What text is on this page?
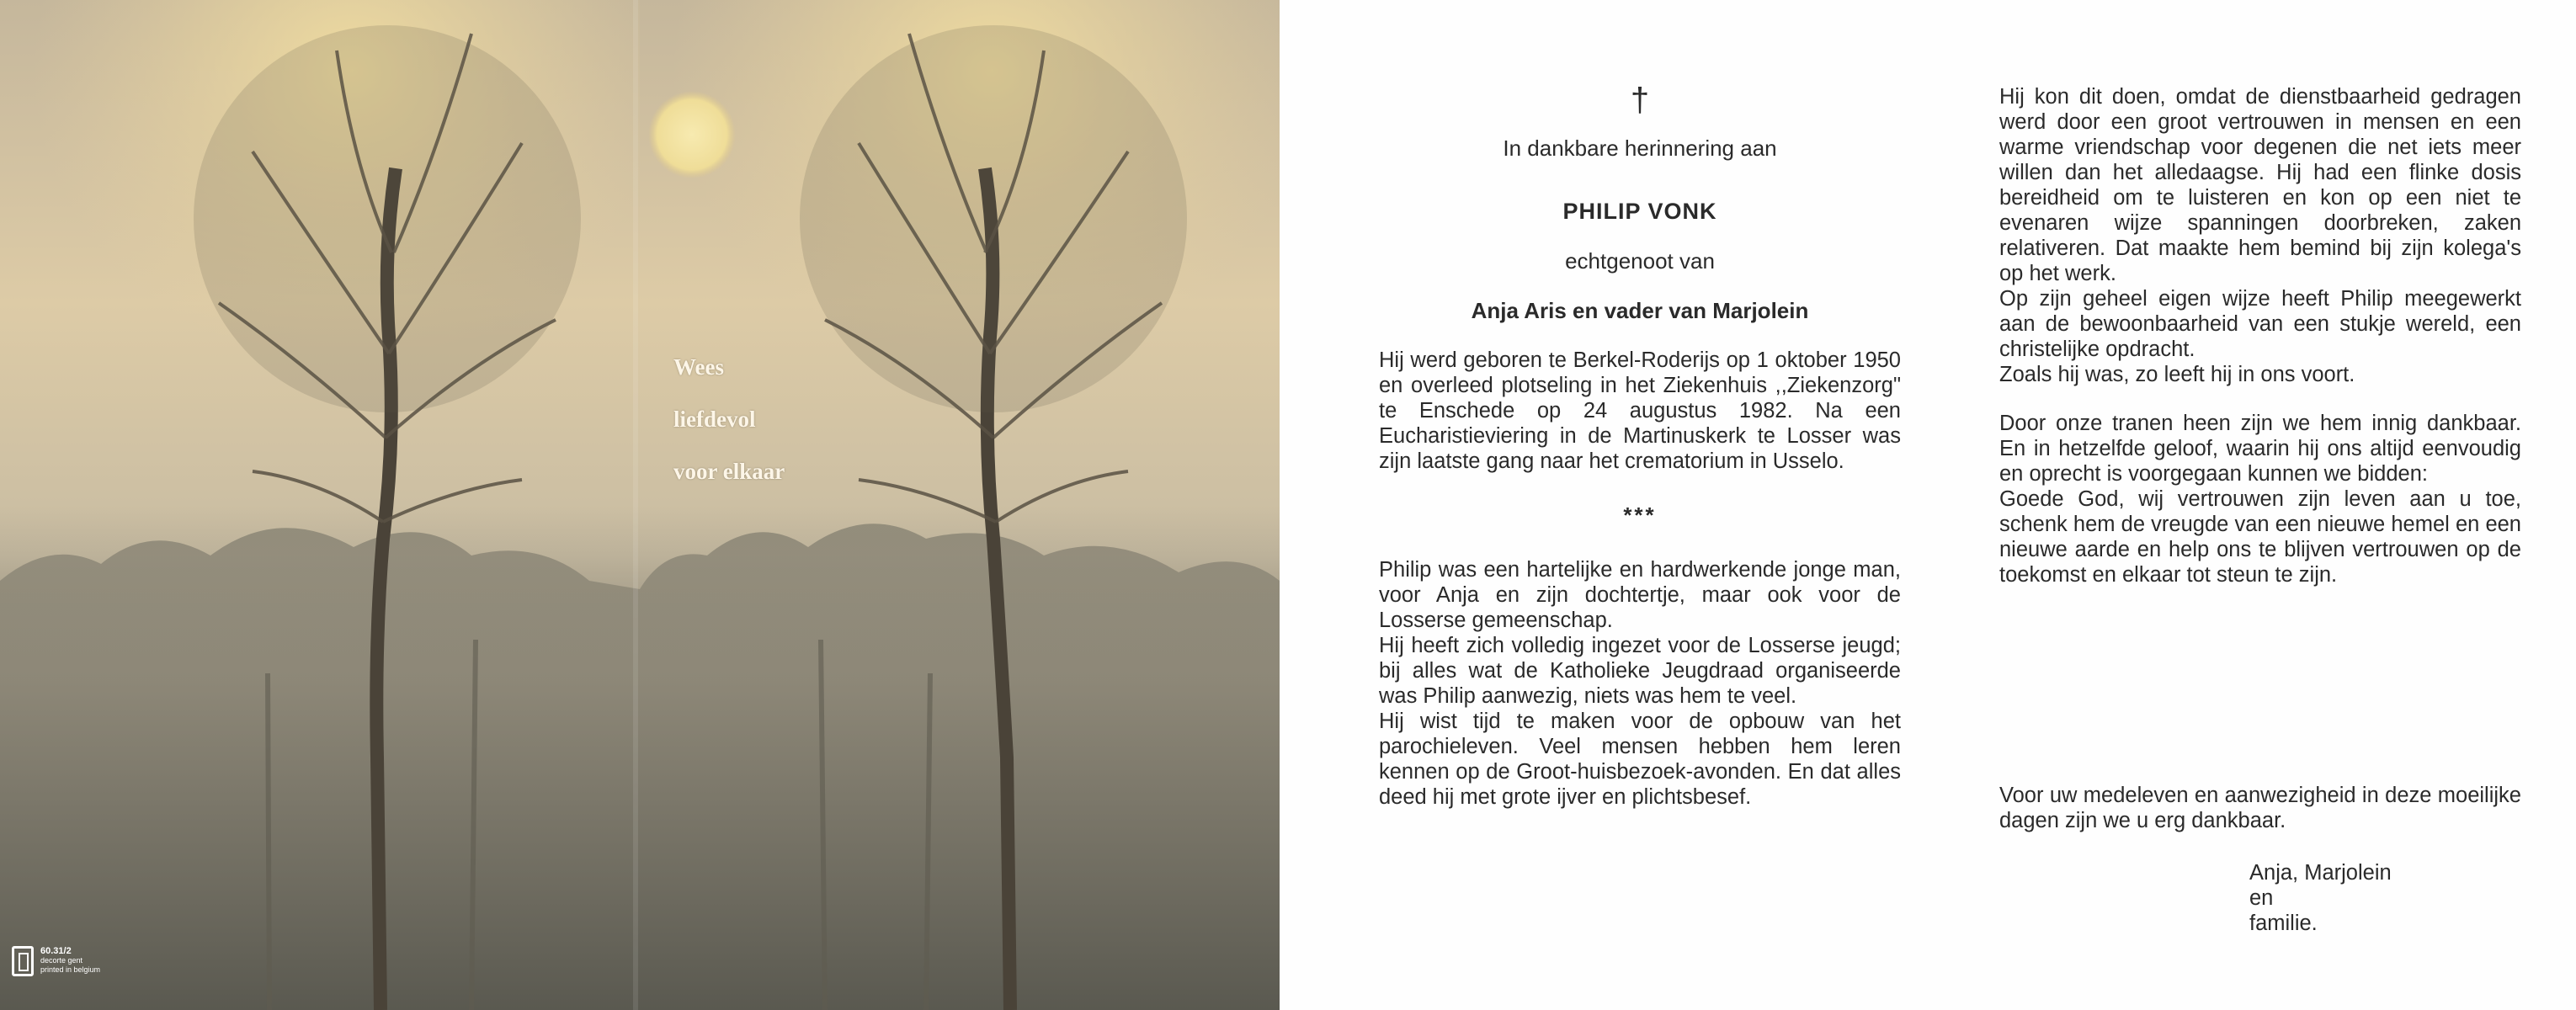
Wees

liefdevol

voor elkaar

60.31/2
decorte gent
printed in belgium
†
In dankbare herinnering aan
PHILIP VONK
echtgenoot van
Anja Aris en vader van Marjolein

Hij werd geboren te Berkel-Roderijs op 1 oktober 1950 en overleed plotseling in het Ziekenhuis ,,Ziekenzorg" te Enschede op 24 augustus 1982. Na een Eucharistieviering in de Martinuskerk te Losser was zijn laatste gang naar het crematorium in Usselo.

***
Philip was een hartelijke en hardwerkende jonge man, voor Anja en zijn dochtertje, maar ook voor de Losserse gemeenschap.
Hij heeft zich volledig ingezet voor de Losserse jeugd; bij alles wat de Katholieke Jeugdraad organiseerde was Philip aanwezig, niets was hem te veel.
Hij wist tijd te maken voor de opbouw van het parochieleven. Veel mensen hebben hem leren kennen op de Groot-huisbezoek-avonden. En dat alles deed hij met grote ijver en plichtsbesef.
Hij kon dit doen, omdat de dienstbaarheid gedragen werd door een groot vertrouwen in mensen en een warme vriendschap voor degenen die net iets meer willen dan het alledaagse. Hij had een flinke dosis bereidheid om te luisteren en kon op een niet te evenaren wijze spanningen doorbreken, zaken relativeren. Dat maakte hem bemind bij zijn kolega's op het werk.
Op zijn geheel eigen wijze heeft Philip meegewerkt aan de bewoonbaarheid van een stukje wereld, een christelijke opdracht.
Zoals hij was, zo leeft hij in ons voort.
Door onze tranen heen zijn we hem innig dankbaar. En in hetzelfde geloof, waarin hij ons altijd eenvoudig en oprecht is voorgegaan kunnen we bidden:
Goede God, wij vertrouwen zijn leven aan u toe, schenk hem de vreugde van een nieuwe hemel en een nieuwe aarde en help ons te blijven vertrouwen op de toekomst en elkaar tot steun te zijn.
Voor uw medeleven en aanwezigheid in deze moeilijke dagen zijn we u erg dankbaar.
Anja, Marjolein en
familie.
